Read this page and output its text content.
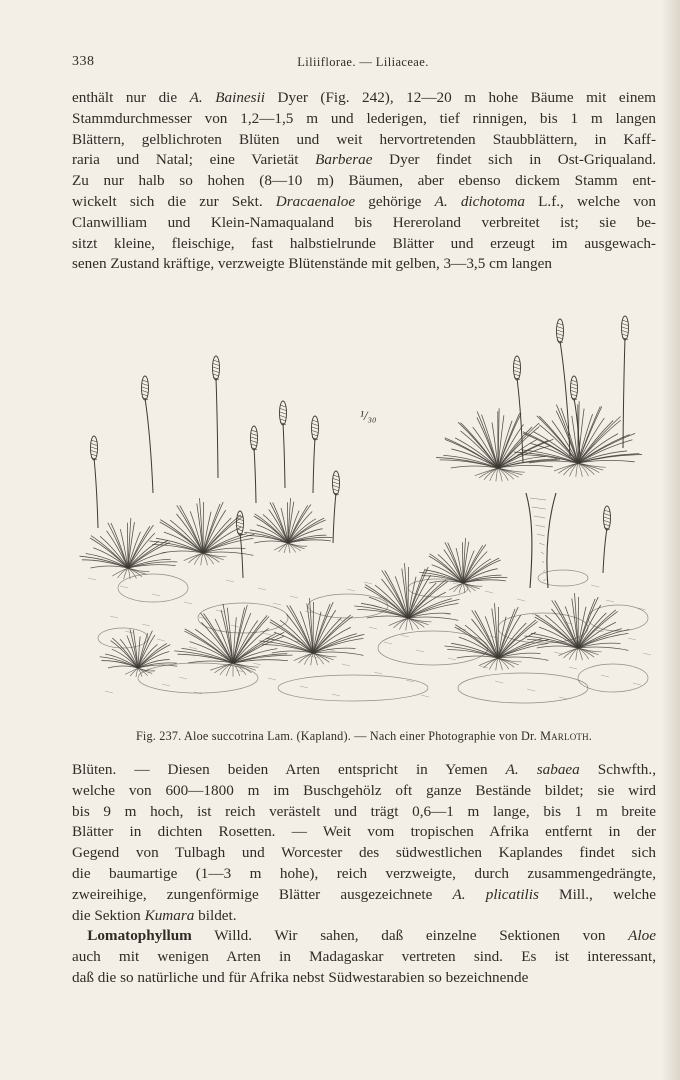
338	Liliiflorae. — Liliaceae.
enthält nur die A. Bainesii Dyer (Fig. 242), 12—20 m hohe Bäume mit einem
Stammdurchmesser von 1,2—1,5 m und lederigen, tief rinnigen, bis 1 m langen
Blättern, gelblichroten Blüten und weit hervortretenden Staubblättern, in Kaff-
raria und Natal; eine Varietät Barberae Dyer findet sich in Ost-Griqualand.
Zu nur halb so hohen (8—10 m) Bäumen, aber ebenso dickem Stamm ent-
wickelt sich die zur Sekt. Dracaenaloe gehörige A. dichotoma L.f., welche von
Clanwilliam und Klein-Namaqualand bis Hereroland verbreitet ist; sie be-
sitzt kleine, fleischige, fast halbstielrunde Blätter und erzeugt im ausgewach-
senen Zustand kräftige, verzweigte Blütenstände mit gelben, 3—3,5 cm langen
¹/₃₀
Fig. 237. Aloe succotrina Lam. (Kapland). — Nach einer Photographie von Dr. Marloth.
Blüten. — Diesen beiden Arten entspricht in Yemen A. sabaea Schwfth.,
welche von 600—1800 m im Buschgehölz oft ganze Bestände bildet; sie wird
bis 9 m hoch, ist reich verästelt und trägt 0,6—1 m lange, bis 1 m breite
Blätter in dichten Rosetten. — Weit vom tropischen Afrika entfernt in der
Gegend von Tulbagh und Worcester des südwestlichen Kaplandes findet sich
die baumartige (1—3 m hohe), reich verzweigte, durch zusammengedrängte,
zweireihige, zungenförmige Blätter ausgezeichnete A. plicatilis Mill., welche
die Sektion Kumara bildet.
 Lomatophyllum Willd. Wir sahen, daß einzelne Sektionen von Aloe
auch mit wenigen Arten in Madagaskar vertreten sind. Es ist interessant,
daß die so natürliche und für Afrika nebst Südwestarabien so bezeichnende
